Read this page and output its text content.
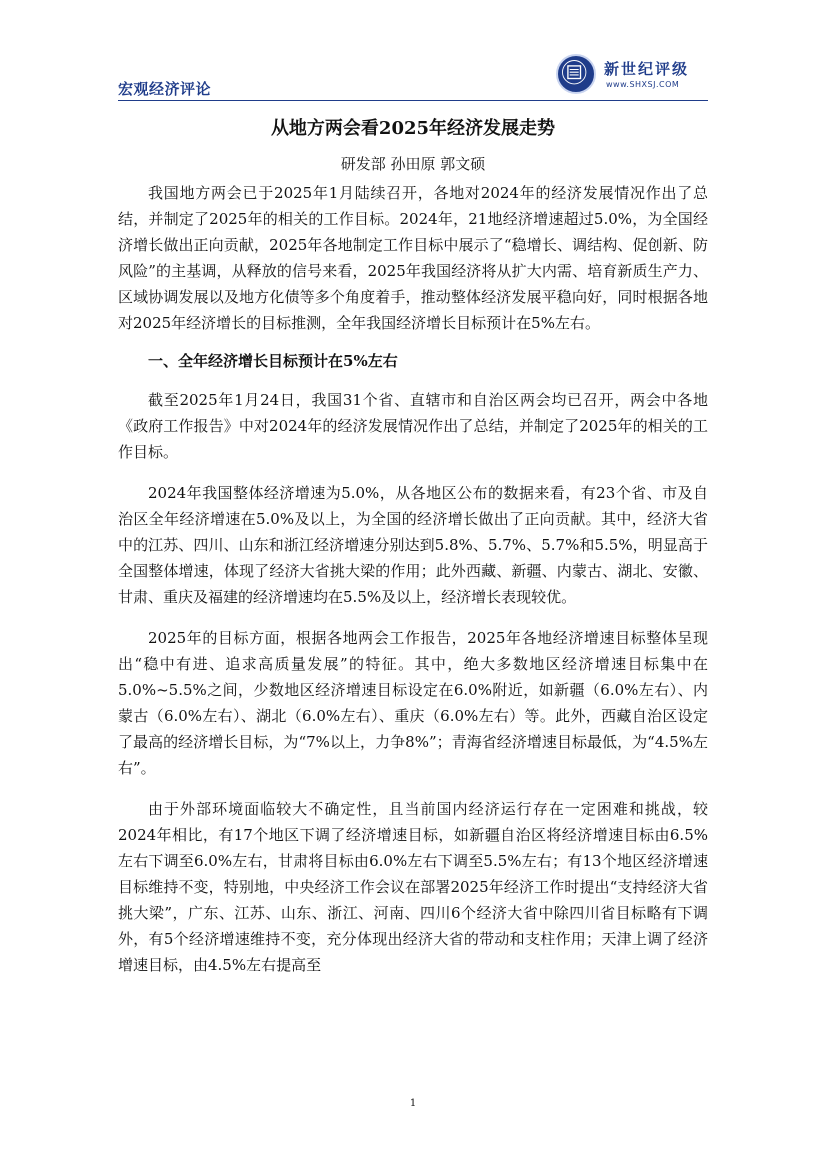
宏观经济评论
新世纪评级
www.SHXSJ.COM
从地方两会看2025年经济发展走势
研发部 孙田原 郭文硕

我国地方两会已于2025年1月陆续召开，各地对2024年的经济发展情况作出了总结，并制定了2025年的相关的工作目标。2024年，21地经济增速超过5.0%，为全国经济增长做出正向贡献，2025年各地制定工作目标中展示了“稳增长、调结构、促创新、防风险”的主基调，从释放的信号来看，2025年我国经济将从扩大内需、培育新质生产力、区域协调发展以及地方化债等多个角度着手，推动整体经济发展平稳向好，同时根据各地对2025年经济增长的目标推测，全年我国经济增长目标预计在5%左右。

一、全年经济增长目标预计在5%左右

截至2025年1月24日，我国31个省、直辖市和自治区两会均已召开，两会中各地《政府工作报告》中对2024年的经济发展情况作出了总结，并制定了2025年的相关的工作目标。

2024年我国整体经济增速为5.0%，从各地区公布的数据来看，有23个省、市及自治区全年经济增速在5.0%及以上，为全国的经济增长做出了正向贡献。其中，经济大省中的江苏、四川、山东和浙江经济增速分别达到5.8%、5.7%、5.7%和5.5%，明显高于全国整体增速，体现了经济大省挑大梁的作用；此外西藏、新疆、内蒙古、湖北、安徽、甘肃、重庆及福建的经济增速均在5.5%及以上，经济增长表现较优。

2025年的目标方面，根据各地两会工作报告，2025年各地经济增速目标整体呈现出“稳中有进、追求高质量发展”的特征。其中，绝大多数地区经济增速目标集中在5.0%~5.5%之间，少数地区经济增速目标设定在6.0%附近，如新疆（6.0%左右）、内蒙古（6.0%左右）、湖北（6.0%左右）、重庆（6.0%左右）等。此外，西藏自治区设定了最高的经济增长目标，为“7%以上，力争8%”；青海省经济增速目标最低，为“4.5%左右”。

由于外部环境面临较大不确定性，且当前国内经济运行存在一定困难和挑战，较2024年相比，有17个地区下调了经济增速目标，如新疆自治区将经济增速目标由6.5%左右下调至6.0%左右，甘肃将目标由6.0%左右下调至5.5%左右；有13个地区经济增速目标维持不变，特别地，中央经济工作会议在部署2025年经济工作时提出“支持经济大省挑大梁”，广东、江苏、山东、浙江、河南、四川6个经济大省中除四川省目标略有下调外，有5个经济增速维持不变，充分体现出经济大省的带动和支柱作用；天津上调了经济增速目标，由4.5%左右提高至

1
